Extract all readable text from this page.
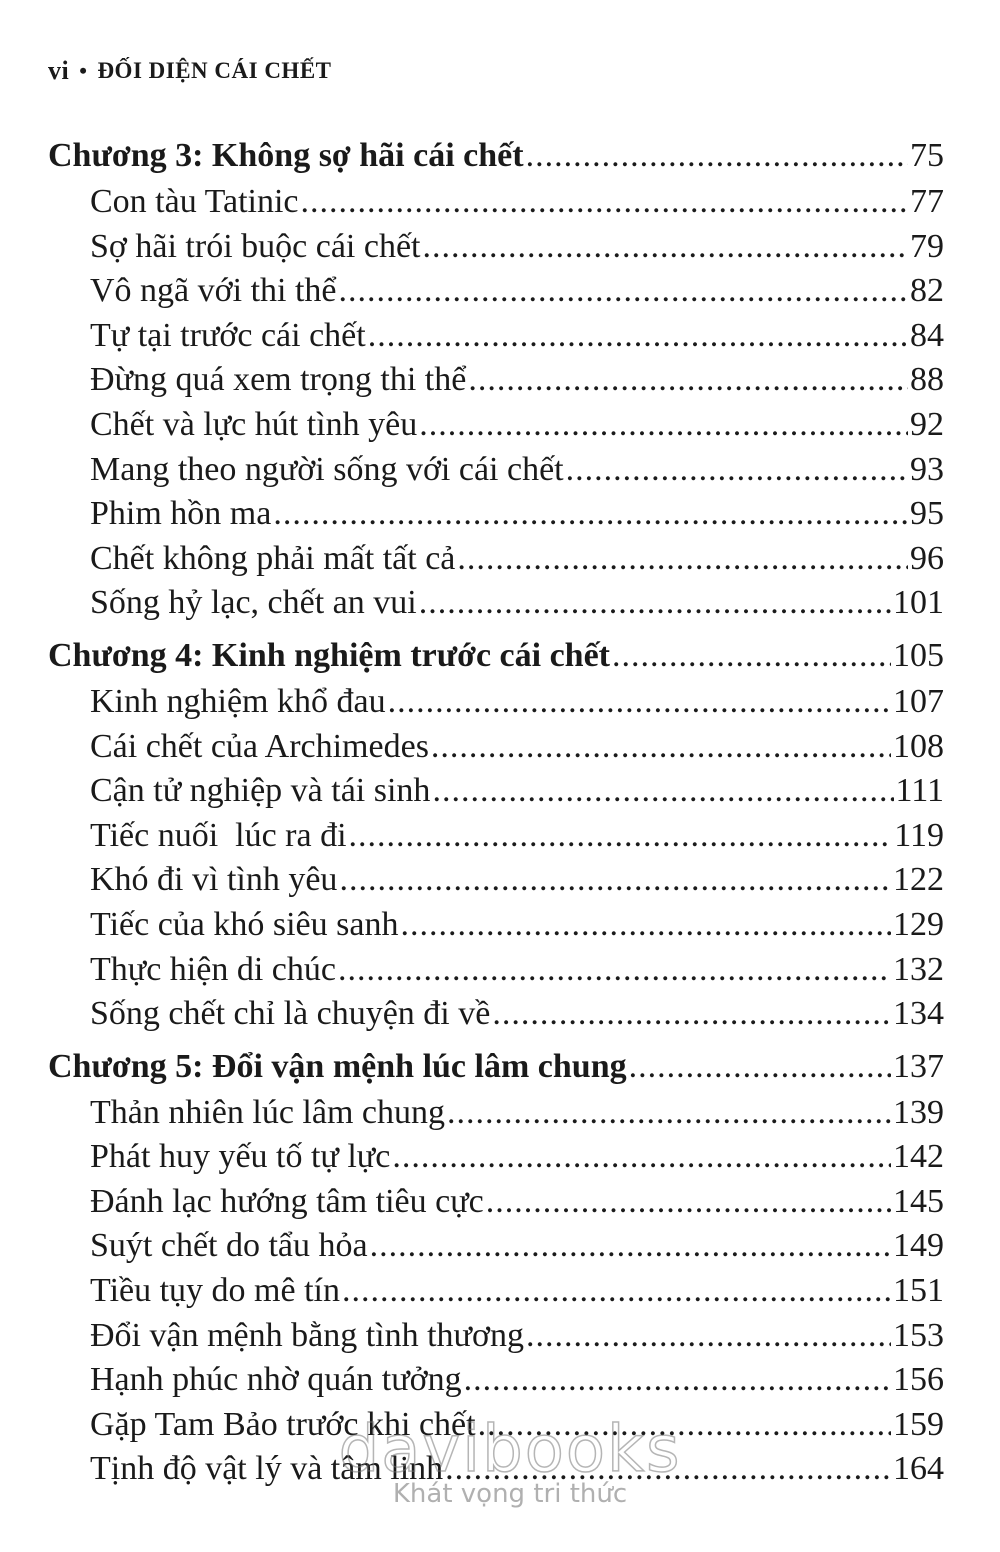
vi • ĐỐI DIỆN CÁI CHẾT
Chương 3: Không sợ hãi cái chết .....	75
Con tàu Tatinic .....	77
Sợ hãi trói buộc cái chết .....	79
Vô ngã với thi thể .....	82
Tự tại trước cái chết .....	84
Đừng quá xem trọng thi thể .....	88
Chết và lực hút tình yêu .....	92
Mang theo người sống với cái chết .....	93
Phim hồn ma .....	95
Chết không phải mất tất cả .....	96
Sống hỷ lạc, chết an vui .....	101
Chương 4: Kinh nghiệm trước cái chết .....	105
Kinh nghiệm khổ đau .....	107
Cái chết của Archimedes .....	108
Cận tử nghiệp và tái sinh .....	111
Tiếc nuối  lúc ra đi .....	119
Khó đi vì tình yêu .....	122
Tiếc của khó siêu sanh .....	129
Thực hiện di chúc .....	132
Sống chết chỉ là chuyện đi về .....	134
Chương 5: Đổi vận mệnh lúc lâm chung .....	137
Thản nhiên lúc lâm chung .....	139
Phát huy yếu tố tự lực .....	142
Đánh lạc hướng tâm tiêu cực .....	145
Suýt chết do tẩu hỏa .....	149
Tiều tụy do mê tín .....	151
Đổi vận mệnh bằng tình thương .....	153
Hạnh phúc nhờ quán tưởng .....	156
Gặp Tam Bảo trước khi chết .....	159
Tịnh độ vật lý và tâm linh .....	164
davibooks
Khát vọng tri thức
